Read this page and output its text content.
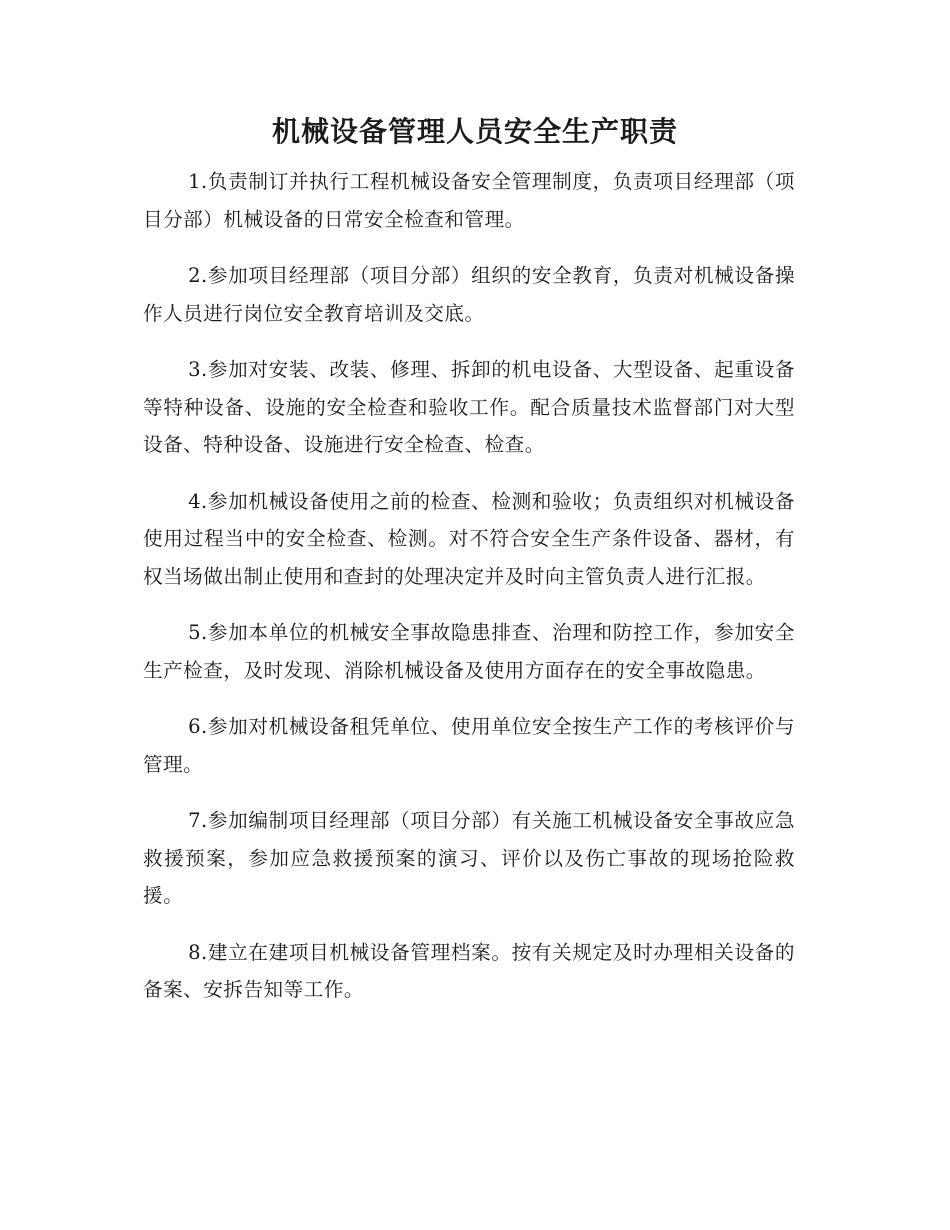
机械设备管理人员安全生产职责

1.负责制订并执行工程机械设备安全管理制度，负责项目经理部（项目分部）机械设备的日常安全检查和管理。

2.参加项目经理部（项目分部）组织的安全教育，负责对机械设备操作人员进行岗位安全教育培训及交底。

3.参加对安装、改装、修理、拆卸的机电设备、大型设备、起重设备等特种设备、设施的安全检查和验收工作。配合质量技术监督部门对大型设备、特种设备、设施进行安全检查、检查。

4.参加机械设备使用之前的检查、检测和验收；负责组织对机械设备使用过程当中的安全检查、检测。对不符合安全生产条件设备、器材，有权当场做出制止使用和查封的处理决定并及时向主管负责人进行汇报。

5.参加本单位的机械安全事故隐患排查、治理和防控工作，参加安全生产检查，及时发现、消除机械设备及使用方面存在的安全事故隐患。

6.参加对机械设备租凭单位、使用单位安全按生产工作的考核评价与管理。

7.参加编制项目经理部（项目分部）有关施工机械设备安全事故应急救援预案，参加应急救援预案的演习、评价以及伤亡事故的现场抢险救援。

8.建立在建项目机械设备管理档案。按有关规定及时办理相关设备的备案、安拆告知等工作。
